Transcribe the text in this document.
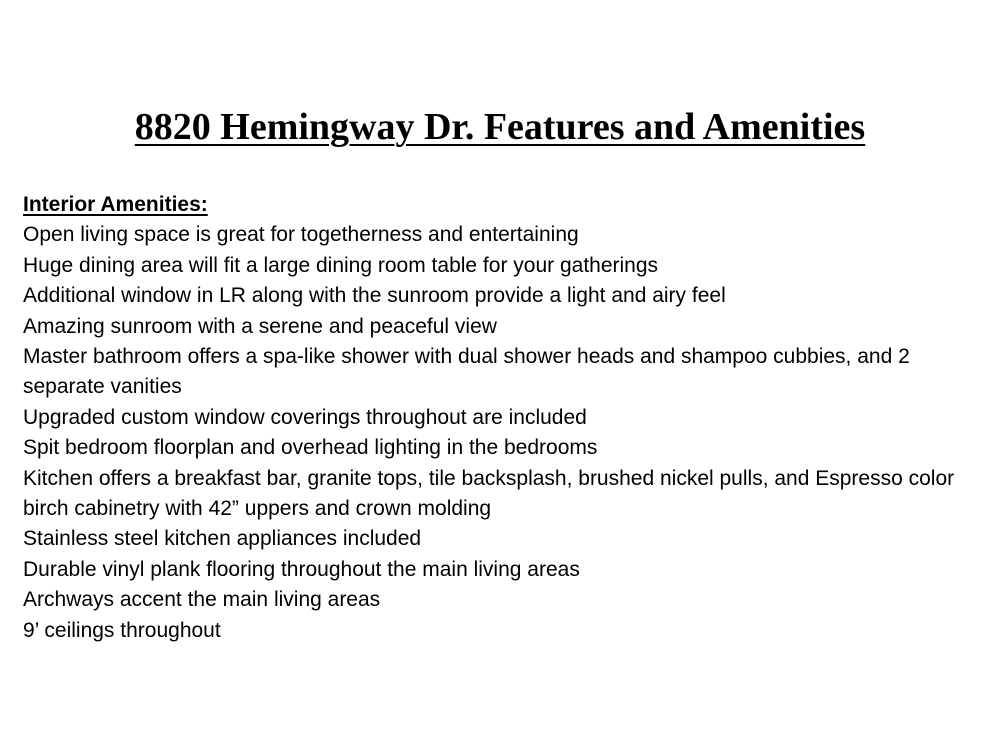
8820 Hemingway Dr. Features and Amenities

Interior Amenities:

Open living space is great for togetherness and entertaining
Huge dining area will fit a large dining room table for your gatherings
Additional window in LR along with the sunroom provide a light and airy feel
Amazing sunroom with a serene and peaceful view
Master bathroom offers a spa-like shower with dual shower heads and shampoo cubbies, and 2 separate vanities
Upgraded custom window coverings throughout are included
Spit bedroom floorplan and overhead lighting in the bedrooms
Kitchen offers a breakfast bar, granite tops, tile backsplash, brushed nickel pulls, and Espresso color birch cabinetry with 42” uppers and crown molding
Stainless steel kitchen appliances included
Durable vinyl plank flooring throughout the main living areas
Archways accent the main living areas
9’ ceilings throughout
